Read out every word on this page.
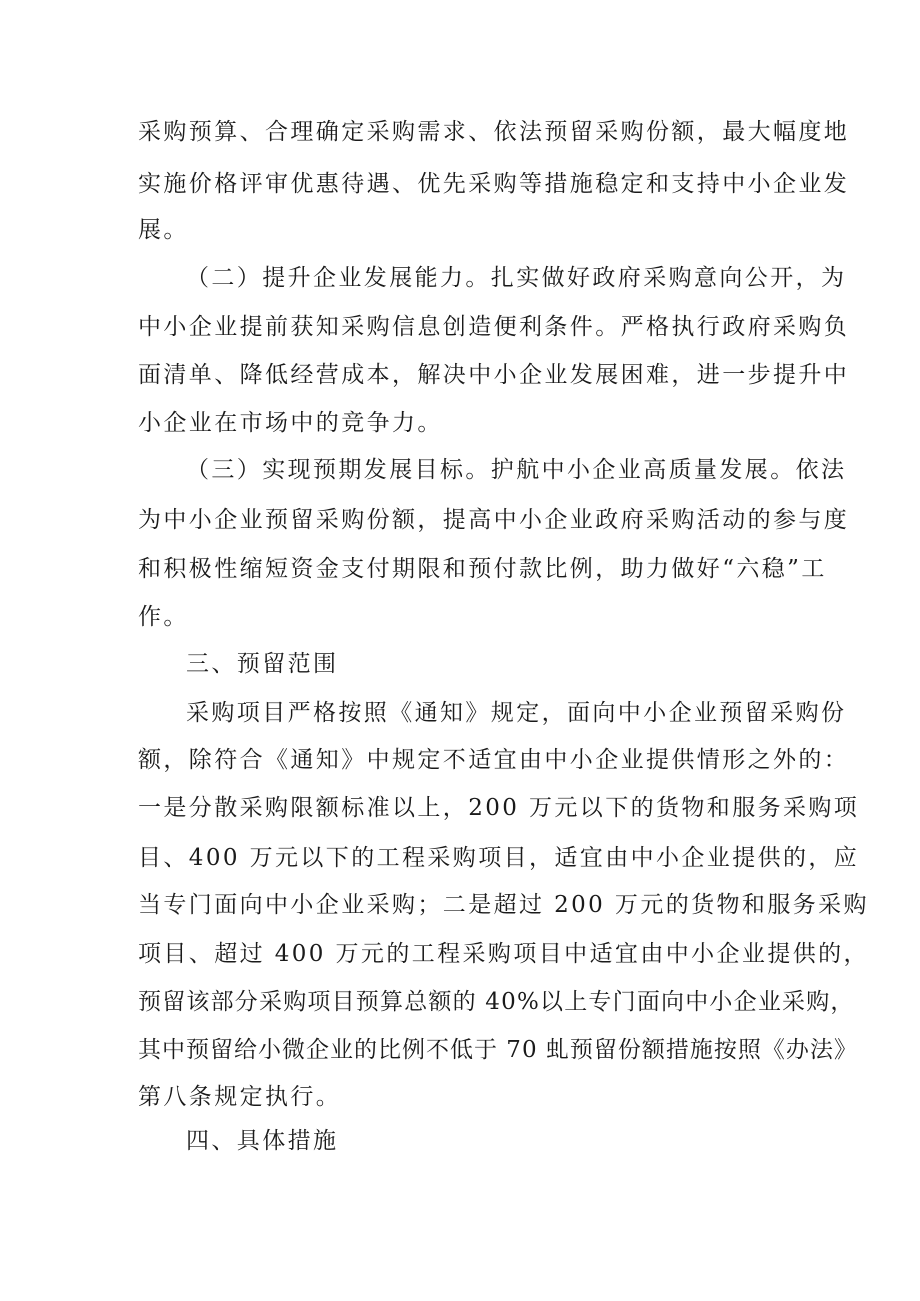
采购预算、合理确定采购需求、依法预留采购份额，最大幅度地
实施价格评审优惠待遇、优先采购等措施稳定和支持中小企业发
展。
（二）提升企业发展能力。扎实做好政府采购意向公开，为
中小企业提前获知采购信息创造便利条件。严格执行政府采购负
面清单、降低经营成本，解决中小企业发展困难，进一步提升中
小企业在市场中的竞争力。
（三）实现预期发展目标。护航中小企业高质量发展。依法
为中小企业预留采购份额，提高中小企业政府采购活动的参与度
和积极性缩短资金支付期限和预付款比例，助力做好“六稳”工
作。
三、预留范围
采购项目严格按照《通知》规定，面向中小企业预留采购份
额，除符合《通知》中规定不适宜由中小企业提供情形之外的：
一是分散采购限额标准以上，200 万元以下的货物和服务采购项
目、400 万元以下的工程采购项目，适宜由中小企业提供的，应
当专门面向中小企业采购；二是超过 200 万元的货物和服务采购
项目、超过 400 万元的工程采购项目中适宜由中小企业提供的，
预留该部分采购项目预算总额的 40%以上专门面向中小企业采购，
其中预留给小微企业的比例不低于 70 虬预留份额措施按照《办法》
第八条规定执行。
四、具体措施
